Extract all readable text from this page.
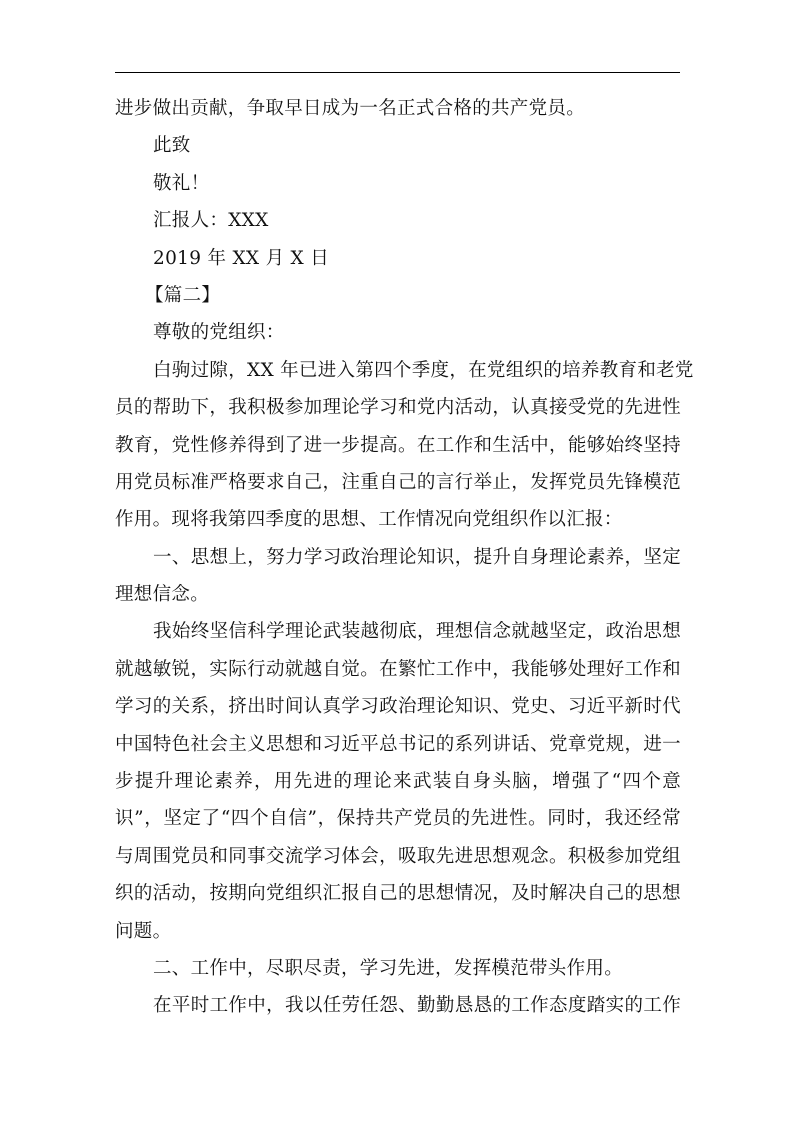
进步做出贡献，争取早日成为一名正式合格的共产党员。
此致
敬礼！
汇报人：XXX
2019 年 XX 月 X 日
【篇二】
尊敬的党组织：
白驹过隙，XX 年已进入第四个季度，在党组织的培养教育和老党
员的帮助下，我积极参加理论学习和党内活动，认真接受党的先进性
教育，党性修养得到了进一步提高。在工作和生活中，能够始终坚持
用党员标准严格要求自己，注重自己的言行举止，发挥党员先锋模范
作用。现将我第四季度的思想、工作情况向党组织作以汇报：
一、思想上，努力学习政治理论知识，提升自身理论素养，坚定
理想信念。
我始终坚信科学理论武装越彻底，理想信念就越坚定，政治思想
就越敏锐，实际行动就越自觉。在繁忙工作中，我能够处理好工作和
学习的关系，挤出时间认真学习政治理论知识、党史、习近平新时代
中国特色社会主义思想和习近平总书记的系列讲话、党章党规，进一
步提升理论素养，用先进的理论来武装自身头脑，增强了“四个意
识”，坚定了“四个自信”，保持共产党员的先进性。同时，我还经常
与周围党员和同事交流学习体会，吸取先进思想观念。积极参加党组
织的活动，按期向党组织汇报自己的思想情况，及时解决自己的思想
问题。
二、工作中，尽职尽责，学习先进，发挥模范带头作用。
在平时工作中，我以任劳任怨、勤勤恳恳的工作态度踏实的工作
